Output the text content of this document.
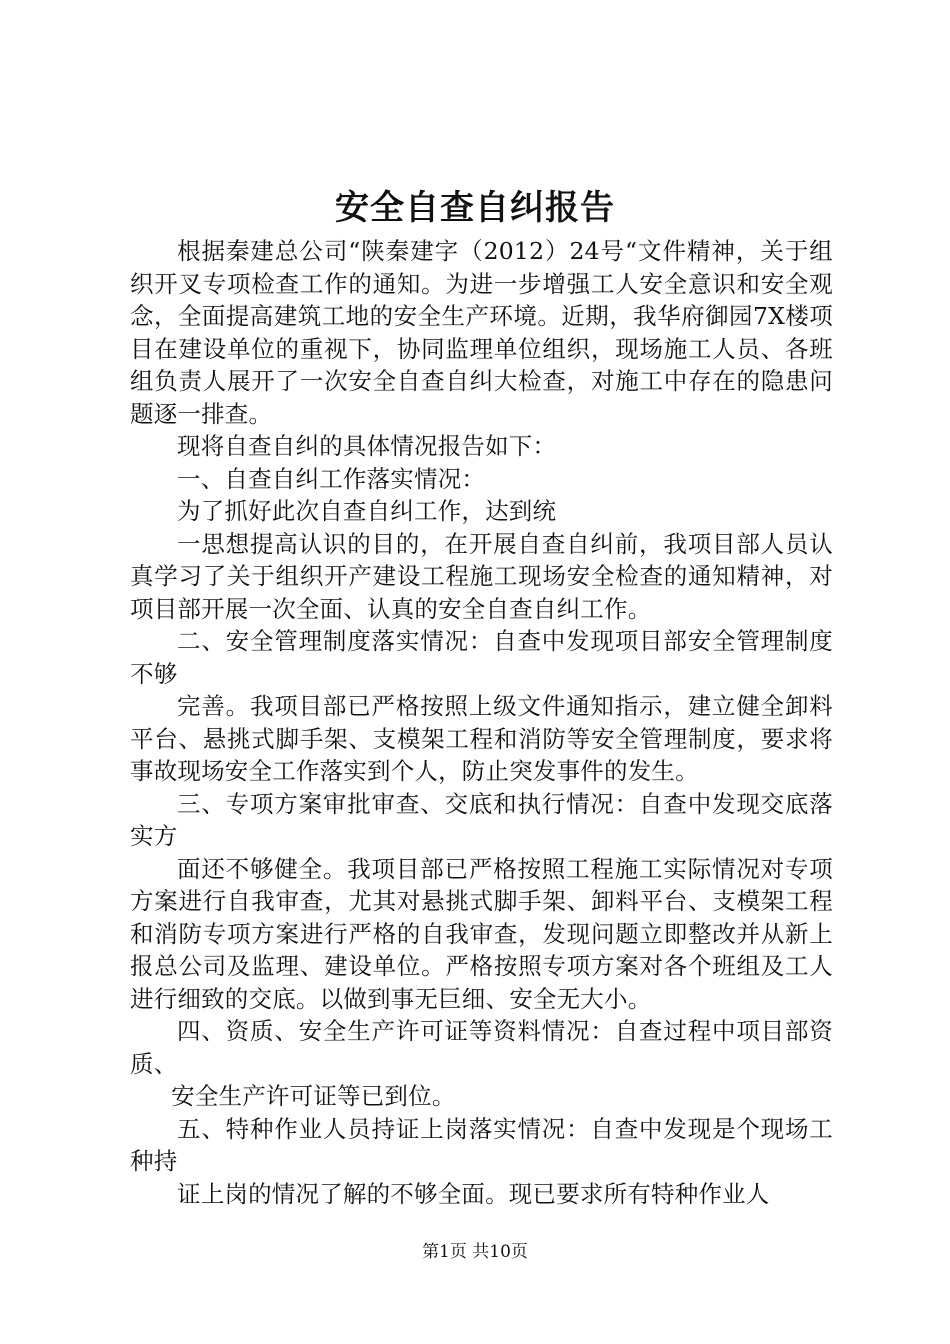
安全自查自纠报告

根据秦建总公司“陕秦建字（2012）24号“文件精神，关于组织开叉专项检查工作的通知。为进一步增强工人安全意识和安全观念，全面提高建筑工地的安全生产环境。近期，我华府御园7X楼项目在建设单位的重视下，协同监理单位组织，现场施工人员、各班组负责人展开了一次安全自查自纠大检查，对施工中存在的隐患问题逐一排查。

现将自查自纠的具体情况报告如下：

一、自查自纠工作落实情况：

为了抓好此次自查自纠工作，达到统

一思想提高认识的目的，在开展自查自纠前，我项目部人员认真学习了关于组织开产建设工程施工现场安全检查的通知精神，对项目部开展一次全面、认真的安全自查自纠工作。

二、安全管理制度落实情况：自查中发现项目部安全管理制度不够

完善。我项目部已严格按照上级文件通知指示，建立健全卸料平台、悬挑式脚手架、支模架工程和消防等安全管理制度，要求将事故现场安全工作落实到个人，防止突发事件的发生。

三、专项方案审批审查、交底和执行情况：自查中发现交底落实方

面还不够健全。我项目部已严格按照工程施工实际情况对专项方案进行自我审查，尤其对悬挑式脚手架、卸料平台、支模架工程和消防专项方案进行严格的自我审查，发现问题立即整改并从新上报总公司及监理、建设单位。严格按照专项方案对各个班组及工人进行细致的交底。以做到事无巨细、安全无大小。

四、资质、安全生产许可证等资料情况：自查过程中项目部资质、

安全生产许可证等已到位。

五、特种作业人员持证上岗落实情况：自查中发现是个现场工种持

证上岗的情况了解的不够全面。现已要求所有特种作业人

第1页 共10页
